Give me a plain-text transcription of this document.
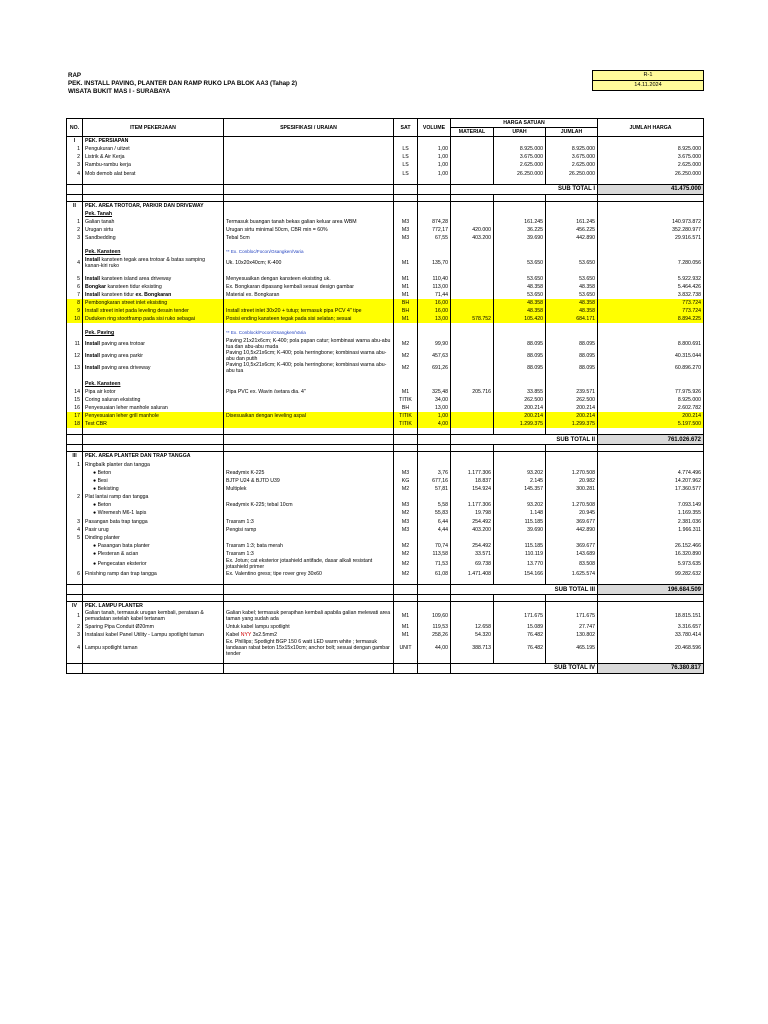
RAP
PEK. INSTALL PAVING, PLANTER DAN RAMP RUKO LPA BLOK AA3 (Tahap 2)
WISATA BUKIT MAS I - SURABAYA
R-1
14.11.2024
NO.	ITEM PEKERJAAN	SPESIFIKASI / URAIAN	SAT	VOLUME	HARGA SATUAN			JUMLAH HARGA
					MATERIAL	UPAH	JUMLAH	
I	PEK. PERSIAPAN							
1	Pengukuran / uitzet		LS	1,00		8.925.000	8.925.000	8.925.000
2	Listrik & Air Kerja		LS	1,00		3.675.000	3.675.000	3.675.000
3	Rambu-rambu kerja		LS	1,00		2.625.000	2.625.000	2.625.000
4	Mob demob alat berat		LS	1,00		26.250.000	26.250.000	26.250.000

					SUB TOTAL I			41.475.000

II	PEK. AREA TROTOAR, PARKIR DAN DRIVEWAY							
	Pek. Tanah							
1	Galian tanah	Termasuk buangan tanah bekas galian keluar area WBM	M3	874,28		161.245	161.245	140.973.872
2	Urugan sirtu	Urugan sirtu minimal 50cm, CBR min = 60%	M3	772,17	420.000	36.225	456.225	352.280.977
3	Sandbedding	Tebal 5cm	M3	67,55	403.200	39.690	442.890	29.916.571

	Pek. Kansteen	** Ex. Conbloc/Focon/Gsangken/Varia						
4	Install kansteen tegak area trotoar & batas samping kanan-kiri ruko	Uk. 10x20x40cm; K-400	M1	135,70		53.650	53.650	7.280.056

5	Install kansteen island area driveway	Menyesuaikan dengan kansteen eksisting uk.	M1	110,40		53.650	53.650	5.922.932
6	Bongkar kansteen tidur eksisting	Ex. Bongkaran dipasang kembali sesuai design gambar	M1	113,00		48.358	48.358	5.464.426
7	Install kansteen tidur ex. Bongkaran	Material ex. Bongkaran	M1	71,44		53.650	53.650	3.832.738
8	Pembongkaran street inlet eksisting		BH	16,00		48.358	48.358	773.724
9	Install street inlet pada leveling desain tender	Install street inlet 30x20 + tutup; termasuk pipa PCV 4" tipe	BH	16,00		48.358	48.358	773.724
10	Duduken ring stootframp pada sisi ruko sebagai	Posisi ending kansteen tegak pada sisi selatan; sesuai	M1	13,00	578.752	105.420	684.171	8.894.225

	Pek. Paving	** Ex. Conblock/Focon/Gsangken/Varia						
11	Install paving area trotoar	Paving 21x21x6cm; K-400; pola papan catur; kombinasi warna abu-abu tua dan abu-abu muda	M2	99,90		88.095	88.095	8.800.691
12	Install paving area parkir	Paving 10,5x21x6cm; K-400; pola herringbone; kombinasi warna abu-abu dan putih	M2	457,63		88.095	88.095	40.315.044
13	Install paving area driveway	Paving 10,5x21x6cm; K-400; pola herringbone; kombinasi warna abu-abu tua	M2	691,26		88.095	88.095	60.896.270

	Pek. Kansteen							
14	Pipa air kotor	Pipa PVC ex. Wavin /setara dia. 4"	M1	325,48	205.716	33.855	239.571	77.975.926
15	Coring saluran eksisting		TITIK	34,00		262.500	262.500	8.925.000
16	Penyesuaian leher manhole saluran		BH	13,00		200.214	200.214	2.602.782
17	Penyesuaian leher grill manhole	Disesuaikan dengan leveling aspal	TITIK	1,00		200.214	200.214	200.214
18	Test CBR		TITIK	4,00		1.299.375	1.299.375	5.197.500

					SUB TOTAL II			761.026.672

III	PEK. AREA PLANTER DAN TRAP TANGGA							
1	Ringbalk planter dan tangga							
	● Beton	Readymix K-225	M3	3,76	1.177.306	93.202	1.270.508	4.774.496
	● Besi	BJTP U24 & BJTD U39	KG	677,16	18.837	2.145	20.982	14.207.962
	● Bekisting	Multiplek	M2	57,81	154.924	145.357	300.281	17.360.577
2	Plat lantai ramp dan tangga							
	● Beton	Readymix K-225; tebal 10cm	M3	5,58	1.177.306	93.202	1.270.508	7.093.149
	● Wiremesh M6-1 lapis		M2	55,83	19.798	1.148	20.945	1.169.355
3	Pasangan bata trap tangga	Trasram 1:3	M3	6,44	254.492	115.185	369.677	2.381.036
4	Pasir urug	Pengisi ramp	M3	4,44	403.200	39.690	442.890	1.966.311
5	Dinding planter							
	● Pasangan bata planter	Trasram 1:3; bata merah	M2	70,74	254.492	115.185	369.677	26.152.466
	● Plesteran & acian	Trasram 1:3	M2	113,58	33.571	110.119	143.689	16.320.890
	● Pengecatan eksterior	Ex. Jotun; cat eksterior jotashield antifade, dasar alkali resistant jotashield primer	M2	71,53	69.738	13.770	83.508	5.973.635
6	Finishing ramp dan trap tangga	Ex. Valentino gress; tipe rover grey 30x60	M2	61,08	1.471.408	154.166	1.625.574	99.282.632

					SUB TOTAL III			196.684.509

IV	PEK. LAMPU PLANTER							
1	Galian tanah, termasuk urugan kembali, perataan & pemadatan setelah kabel tertanam	Galian kabel; termasuk perapihan kembali apabila galian melewati area taman yang sudah ada	M1	109,60		171.675	171.675	18.815.151
2	Sparing Pipa Conduit Ø20mm	Untuk kabel lampu spotlight	M1	119,53	12.658	15.089	27.747	3.316.657
3	Instalasi kabel Panel Utility - Lampu spotlight taman	Kabel NYY 3x2.5mm2	M1	258,26	54.320	76.482	130.802	33.780.414
4	Lampu spotlight taman	Ex. Phillips; Spotlight BGP 150 6 watt LED warm white ; termasuk landasan rabat beton 15x15x10cm; anchor bolt; sesuai dengan gambar tender	UNIT	44,00	388.713	76.482	465.195	20.468.596

					SUB TOTAL IV			76.380.817
